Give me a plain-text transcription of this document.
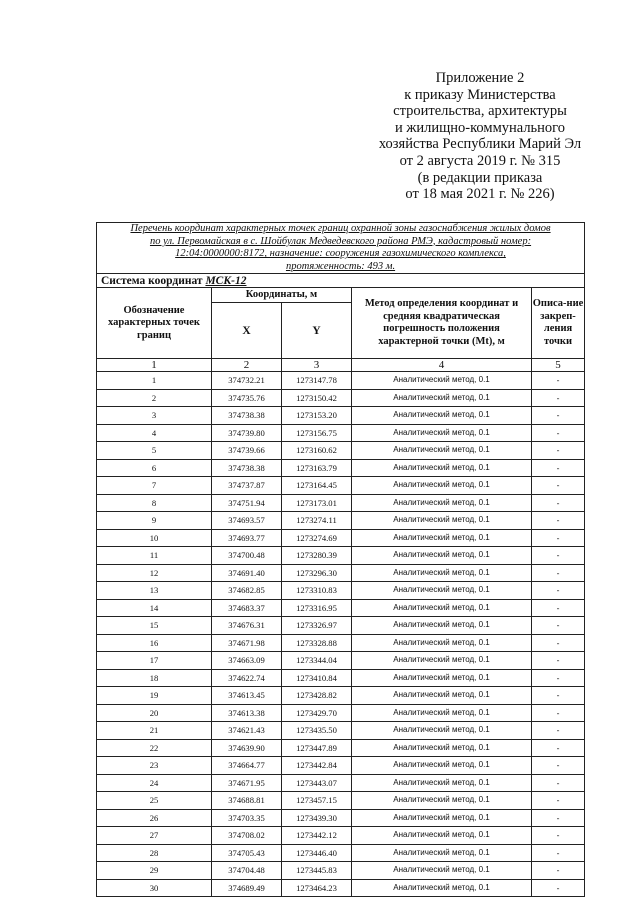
Приложение 2
к приказу Министерства
строительства, архитектуры
и жилищно-коммунального
хозяйства Республики Марий Эл
от 2 августа 2019 г. № 315
(в редакции приказа
от 18 мая 2021 г. № 226)
Перечень координат характерных точек границ охранной зоны газоснабжения жилых домов
по ул. Первомайская в с. Шойбулак Медведевского района РМЭ, кадастровый номер:
12:04:0000000:8172, назначение: сооружения газохимического комплекса,
протяженность: 493 м.				

Система координат МСК-12				
Обозначение характерных точек границ	Координаты, м		Метод определения координат и средняя квадратическая погрешность положения характерной точки (Mt), м	Описа-ние закреп-ления точки
	X	Y		
1	2	3	4	5
1	374732.21	1273147.78	Аналитический метод, 0.1	-
2	374735.76	1273150.42	Аналитический метод, 0.1	-
3	374738.38	1273153.20	Аналитический метод, 0.1	-
4	374739.80	1273156.75	Аналитический метод, 0.1	-
5	374739.66	1273160.62	Аналитический метод, 0.1	-
6	374738.38	1273163.79	Аналитический метод, 0.1	-
7	374737.87	1273164.45	Аналитический метод, 0.1	-
8	374751.94	1273173.01	Аналитический метод, 0.1	-
9	374693.57	1273274.11	Аналитический метод, 0.1	-
10	374693.77	1273274.69	Аналитический метод, 0.1	-
11	374700.48	1273280.39	Аналитический метод, 0.1	-
12	374691.40	1273296.30	Аналитический метод, 0.1	-
13	374682.85	1273310.83	Аналитический метод, 0.1	-
14	374683.37	1273316.95	Аналитический метод, 0.1	-
15	374676.31	1273326.97	Аналитический метод, 0.1	-
16	374671.98	1273328.88	Аналитический метод, 0.1	-
17	374663.09	1273344.04	Аналитический метод, 0.1	-
18	374622.74	1273410.84	Аналитический метод, 0.1	-
19	374613.45	1273428.82	Аналитический метод, 0.1	-
20	374613.38	1273429.70	Аналитический метод, 0.1	-
21	374621.43	1273435.50	Аналитический метод, 0.1	-
22	374639.90	1273447.89	Аналитический метод, 0.1	-
23	374664.77	1273442.84	Аналитический метод, 0.1	-
24	374671.95	1273443.07	Аналитический метод, 0.1	-
25	374688.81	1273457.15	Аналитический метод, 0.1	-
26	374703.35	1273439.30	Аналитический метод, 0.1	-
27	374708.02	1273442.12	Аналитический метод, 0.1	-
28	374705.43	1273446.40	Аналитический метод, 0.1	-
29	374704.48	1273445.83	Аналитический метод, 0.1	-
30	374689.49	1273464.23	Аналитический метод, 0.1	-
